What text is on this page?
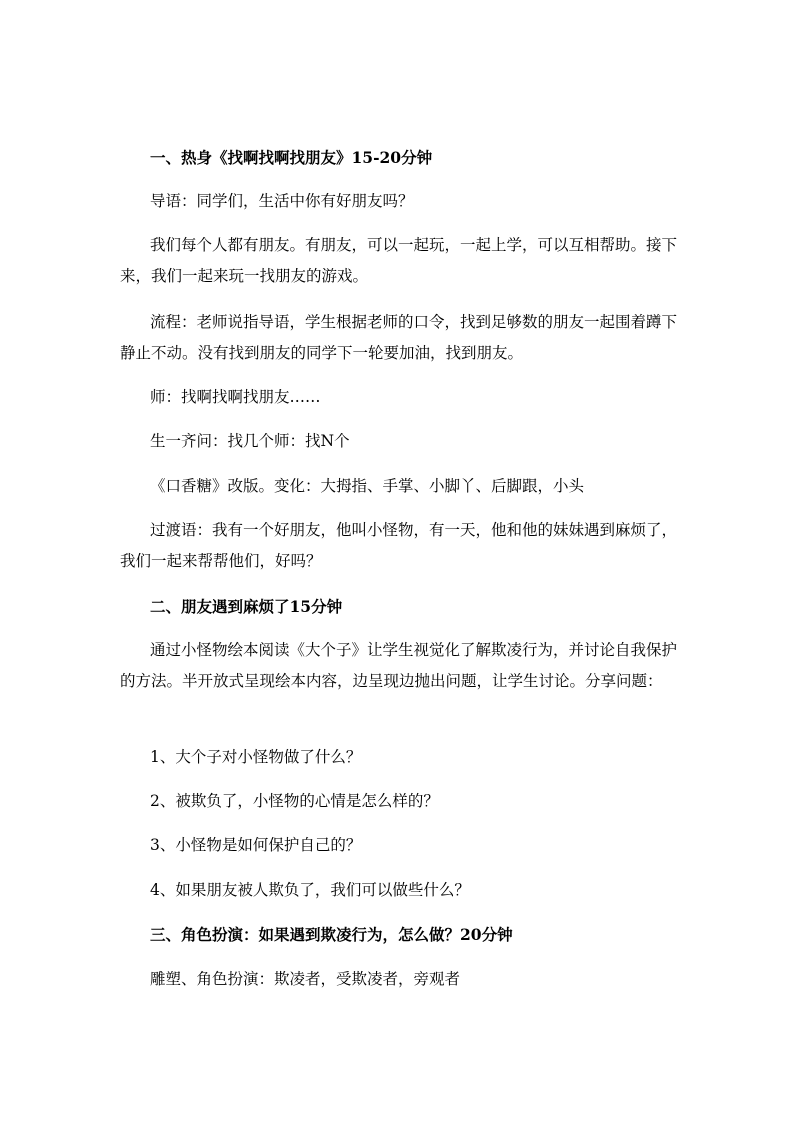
一、热身《找啊找啊找朋友》15-20分钟
导语：同学们，生活中你有好朋友吗？
我们每个人都有朋友。有朋友，可以一起玩，一起上学，可以互相帮助。接下来，我们一起来玩一找朋友的游戏。
流程：老师说指导语，学生根据老师的口令，找到足够数的朋友一起围着蹲下静止不动。没有找到朋友的同学下一轮要加油，找到朋友。
师：找啊找啊找朋友……
生一齐问：找几个师：找N个
《口香糖》改版。变化：大拇指、手掌、小脚丫、后脚跟，小头
过渡语：我有一个好朋友，他叫小怪物，有一天，他和他的妹妹遇到麻烦了，我们一起来帮帮他们，好吗？
二、朋友遇到麻烦了15分钟
通过小怪物绘本阅读《大个子》让学生视觉化了解欺凌行为，并讨论自我保护的方法。半开放式呈现绘本内容，边呈现边抛出问题，让学生讨论。分享问题：
1、大个子对小怪物做了什么？
2、被欺负了，小怪物的心情是怎么样的？
3、小怪物是如何保护自己的？
4、如果朋友被人欺负了，我们可以做些什么？
三、角色扮演：如果遇到欺凌行为，怎么做？20分钟
雕塑、角色扮演：欺凌者，受欺凌者，旁观者
